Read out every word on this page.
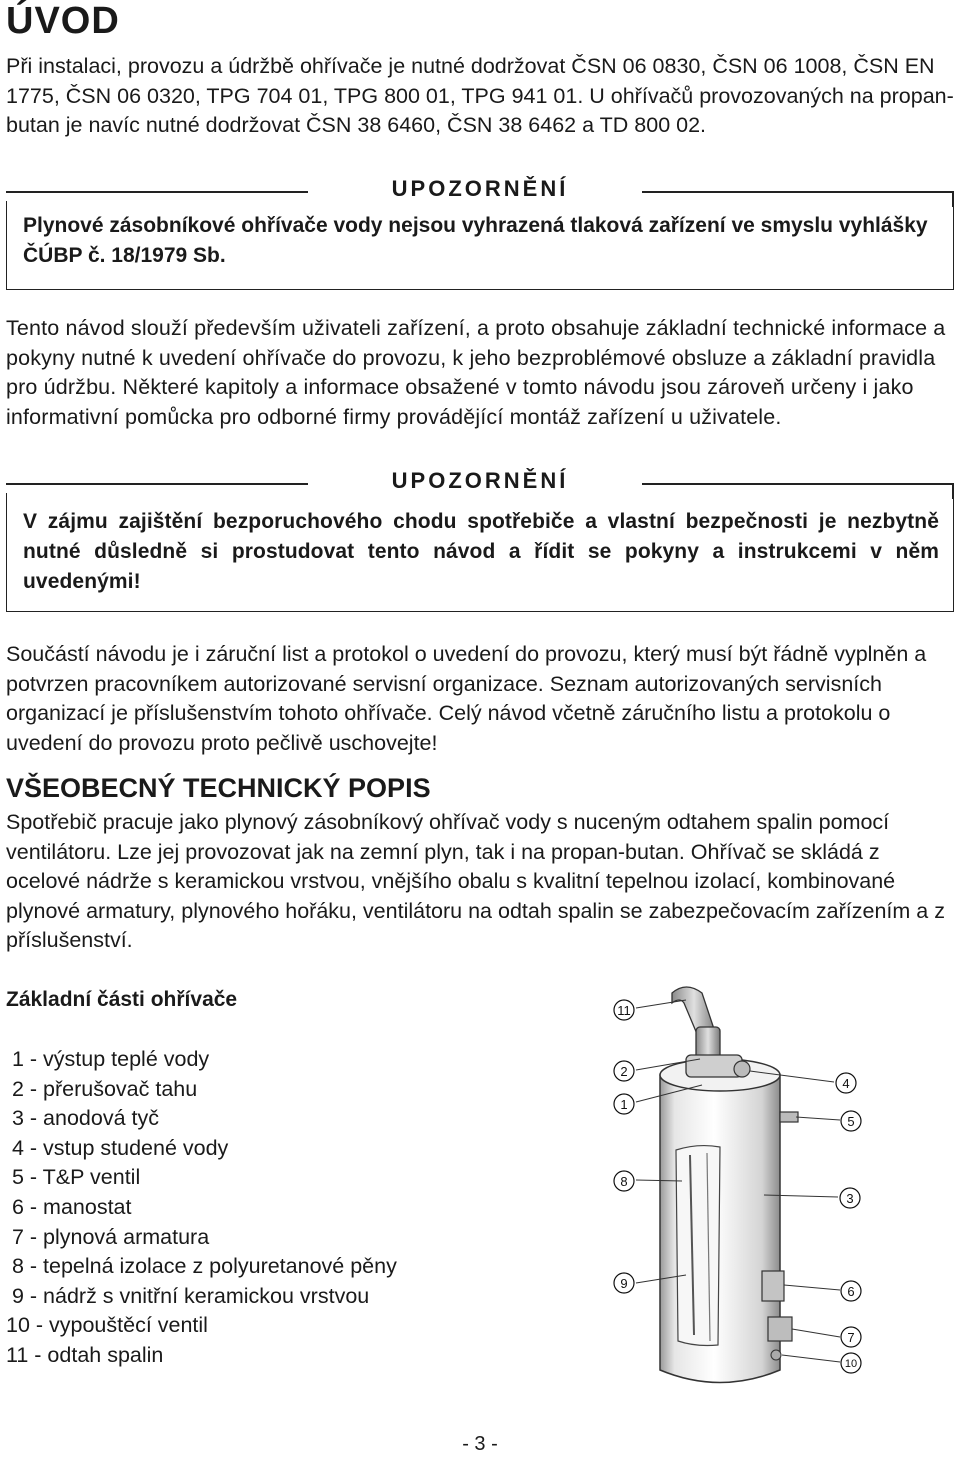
ÚVOD

Při instalaci, provozu a údržbě ohřívače je nutné dodržovat ČSN 06 0830, ČSN 06 1008, ČSN EN 1775, ČSN 06 0320, TPG 704 01, TPG 800 01, TPG 941 01. U ohřívačů provozovaných na propan-butan je navíc nutné dodržovat ČSN 38 6460, ČSN 38 6462 a TD 800 02.

UPOZORNĚNÍ

Plynové zásobníkové ohřívače vody nejsou vyhrazená tlaková zařízení ve smyslu vyhlášky ČÚBP č. 18/1979 Sb.

Tento návod slouží především uživateli zařízení, a proto obsahuje základní technické informace a pokyny nutné k uvedení ohřívače do provozu, k jeho bezproblémové obsluze a základní pravidla pro údržbu. Některé kapitoly a informace obsažené v tomto návodu jsou zároveň určeny i jako informativní pomůcka pro odborné firmy provádějící montáž zařízení u uživatele.

UPOZORNĚNÍ

V zájmu zajištění bezporuchového chodu spotřebiče a vlastní bezpečnosti je nezbytně nutné důsledně si prostudovat tento návod a řídit se pokyny a instrukcemi v něm uvedenými!

Součástí návodu je i záruční list a protokol o uvedení do provozu, který musí být řádně vyplněn a potvrzen pracovníkem autorizované servisní organizace. Seznam autorizovaných servisních organizací je příslušenstvím tohoto ohřívače. Celý návod včetně záručního listu a protokolu o uvedení do provozu proto pečlivě uschovejte!

VŠEOBECNÝ TECHNICKÝ POPIS

Spotřebič pracuje jako plynový zásobníkový ohřívač vody s nuceným odtahem spalin pomocí ventilátoru. Lze jej provozovat jak na zemní plyn, tak i na propan-butan. Ohřívač se skládá z ocelové nádrže s keramickou vrstvou, vnějšího obalu s kvalitní tepelnou izolací, kombinované plynové armatury, plynového hořáku, ventilátoru na odtah spalin se zabezpečovacím zařízením a z příslušenství.

Základní části ohřívače
1 - výstup teplé vody
2 - přerušovač tahu
3 - anodová tyč
4 - vstup studené vody
5 - T&P ventil
6 - manostat
7 - plynová armatura
8 - tepelná izolace z polyuretanové pěny
9 - nádrž s vnitřní keramickou vrstvou
10 - vypouštěcí ventil
11 - odtah spalin
11
2
4
1
5
8
3
9
6
7
10
- 3 -
